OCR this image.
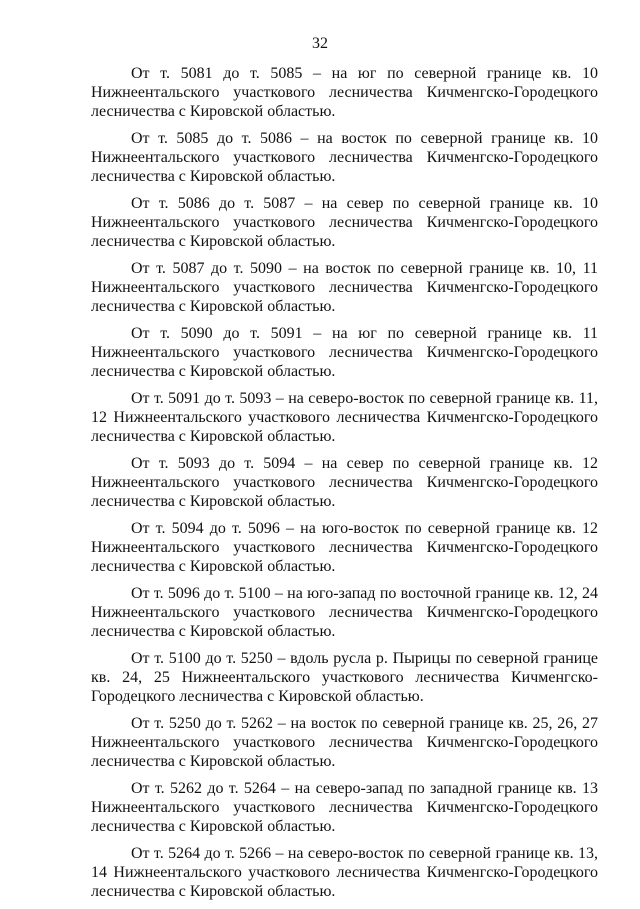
32

От т. 5081 до т. 5085 – на юг по северной границе кв. 10 Нижнеентальского участкового лесничества Кичменгско-Городецкого лесничества с Кировской областью.

От т. 5085 до т. 5086 – на восток по северной границе кв. 10 Нижнеентальского участкового лесничества Кичменгско-Городецкого лесничества с Кировской областью.

От т. 5086 до т. 5087 – на север по северной границе кв. 10 Нижнеентальского участкового лесничества Кичменгско-Городецкого лесничества с Кировской областью.

От т. 5087 до т. 5090 – на восток по северной границе кв. 10, 11 Нижнеентальского участкового лесничества Кичменгско-Городецкого лесничества с Кировской областью.

От т. 5090 до т. 5091 – на юг по северной границе кв. 11 Нижнеентальского участкового лесничества Кичменгско-Городецкого лесничества с Кировской областью.

От т. 5091 до т. 5093 – на северо-восток по северной границе кв. 11, 12 Нижнеентальского участкового лесничества Кичменгско-Городецкого лесничества с Кировской областью.

От т. 5093 до т. 5094 – на север по северной границе кв. 12 Нижнеентальского участкового лесничества Кичменгско-Городецкого лесничества с Кировской областью.

От т. 5094 до т. 5096 – на юго-восток по северной границе кв. 12 Нижнеентальского участкового лесничества Кичменгско-Городецкого лесничества с Кировской областью.

От т. 5096 до т. 5100 – на юго-запад по восточной границе кв. 12, 24 Нижнеентальского участкового лесничества Кичменгско-Городецкого лесничества с Кировской областью.

От т. 5100 до т. 5250 – вдоль русла р. Пырицы по северной границе кв. 24, 25 Нижнеентальского участкового лесничества Кичменгско-Городецкого лесничества с Кировской областью.

От т. 5250 до т. 5262 – на восток по северной границе кв. 25, 26, 27 Нижнеентальского участкового лесничества Кичменгско-Городецкого лесничества с Кировской областью.

От т. 5262 до т. 5264 – на северо-запад по западной границе кв. 13 Нижнеентальского участкового лесничества Кичменгско-Городецкого лесничества с Кировской областью.

От т. 5264 до т. 5266 – на северо-восток по северной границе кв. 13, 14 Нижнеентальского участкового лесничества Кичменгско-Городецкого лесничества с Кировской областью.
